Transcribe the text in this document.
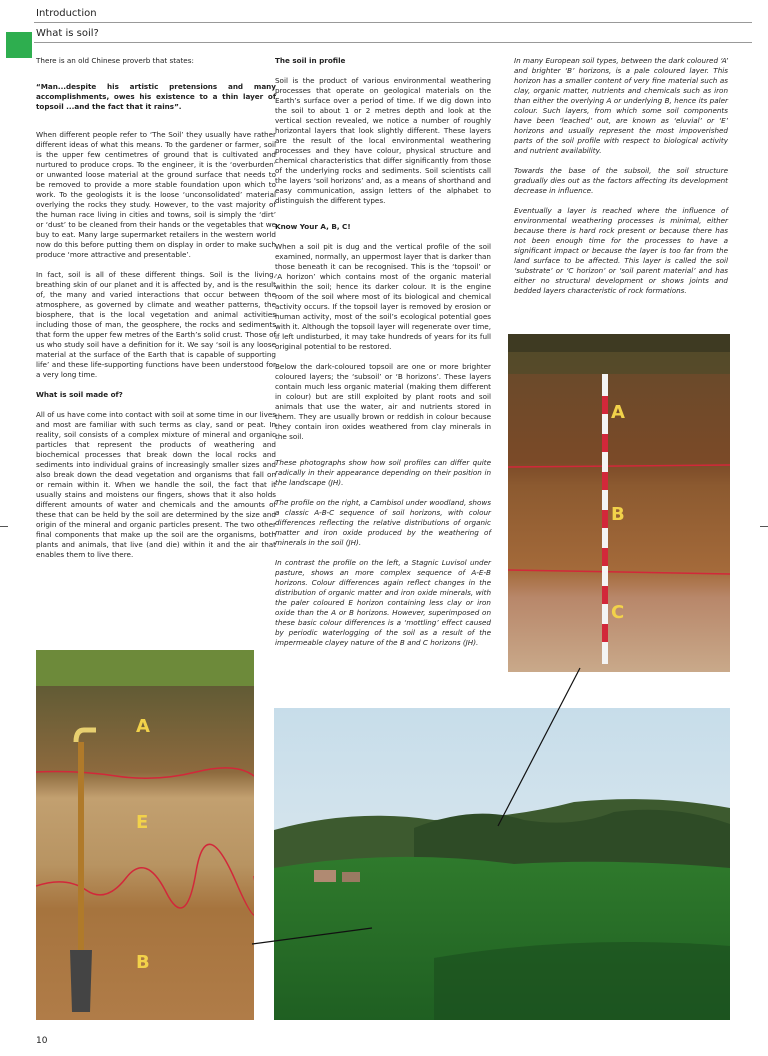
Introduction
What is soil?

There is an old Chinese proverb that states:

“Man...despite his artistic pretensions and many accomplishments, owes his existence to a thin layer of topsoil ...and the fact that it rains”.

When different people refer to ‘The Soil’ they usually have rather different ideas of what this means. To the gardener or farmer, soil is the upper few centimetres of ground that is cultivated and nurtured to produce crops. To the engineer, it is the ‘overburden’ or unwanted loose material at the ground surface that needs to be removed to provide a more stable foundation upon which to work. To the geologists it is the loose ‘unconsolidated’ material overlying the rocks they study. However, to the vast majority of the human race living in cities and towns, soil is simply the ‘dirt’ or ‘dust’ to be cleaned from their hands or the vegetables that we buy to eat. Many large supermarket retailers in the western world now do this before putting them on display in order to make such produce ‘more attractive and presentable’.

In fact, soil is all of these different things. Soil is the living, breathing skin of our planet and it is affected by, and is the result of, the many and varied interactions that occur between the atmosphere, as governed by climate and weather patterns, the biosphere, that is the local vegetation and animal activities including those of man, the geosphere, the rocks and sediments that form the upper few metres of the Earth’s solid crust. Those of us who study soil have a definition for it. We say ‘soil is any loose material at the surface of the Earth that is capable of supporting life’ and these life-supporting functions have been understood for a very long time.

What is soil made of?

All of us have come into contact with soil at some time in our lives and most are familiar with such terms as clay, sand or peat. In reality, soil consists of a complex mixture of mineral and organic particles that represent the products of weathering and biochemical processes that break down the local rocks and sediments into individual grains of increasingly smaller sizes and also break down the dead vegetation and organisms that fall on or remain within it. When we handle the soil, the fact that it usually stains and moistens our fingers, shows that it also holds different amounts of water and chemicals and the amounts of these that can be held by the soil are determined by the size and origin of the mineral and organic particles present. The two other final components that make up the soil are the organisms, both plants and animals, that live (and die) within it and the air that enables them to live there.

The soil in profile

Soil is the product of various environmental weathering processes that operate on geological materials on the Earth’s surface over a period of time. If we dig down into the soil to about 1 or 2 metres depth and look at the vertical section revealed, we notice a number of roughly horizontal layers that look slightly different. These layers are the result of the local environmental weathering processes and they have colour, physical structure and chemical characteristics that differ significantly from those of the underlying rocks and sediments. Soil scientists call the layers ‘soil horizons’ and, as a means of shorthand and easy communication, assign letters of the alphabet to distinguish the different types.

Know Your A, B, C!

When a soil pit is dug and the vertical profile of the soil examined, normally, an uppermost layer that is darker than those beneath it can be recognised. This is the ‘topsoil’ or ‘A horizon’ which contains most of the organic material within the soil; hence its darker colour. It is the engine room of the soil where most of its biological and chemical activity occurs. If the topsoil layer is removed by erosion or human activity, most of the soil’s ecological potential goes with it. Although the topsoil layer will regenerate over time, if left undisturbed, it may take hundreds of years for its full original potential to be restored.

Below the dark-coloured topsoil are one or more brighter coloured layers; the ‘subsoil’ or ‘B horizons’. These layers contain much less organic material (making them different in colour) but are still exploited by plant roots and soil animals that use the water, air and nutrients stored in them. They are usually brown or reddish in colour because they contain iron oxides weathered from clay minerals in the soil.

These photographs show how soil profiles can differ quite radically in their appearance depending on their position in the landscape (JH).

The profile on the right, a Cambisol under woodland, shows a classic A-B-C sequence of soil horizons, with colour differences reflecting the relative distributions of organic matter and iron oxide produced by the weathering of minerals in the soil (JH).

In contrast the profile on the left, a Stagnic Luvisol under pasture, shows an more complex sequence of A-E-B horizons. Colour differences again reflect changes in the distribution of organic matter and iron oxide minerals, with the paler coloured E horizon containing less clay or iron oxide than the A or B horizons. However, superimposed on these basic colour differences is a ‘mottling’ effect caused by periodic waterlogging of the soil as a result of the impermeable clayey nature of the B and C horizons (JH).

In many European soil types, between the dark coloured ‘A’ and brighter ‘B’ horizons, is a pale coloured layer. This horizon has a smaller content of very fine material such as clay, organic matter, nutrients and chemicals such as iron than either the overlying A or underlying B, hence its paler colour. Such layers, from which some soil components have been ‘leached’ out, are known as ‘eluvial’ or ‘E’ horizons and usually represent the most impoverished parts of the soil profile with respect to biological activity and nutrient availability.

Towards the base of the subsoil, the soil structure gradually dies out as the factors affecting its development decrease in influence.

Eventually a layer is reached where the influence of environmental weathering processes is minimal, either because there is hard rock present or because there has not been enough time for the processes to have a significant impact or because the layer is too far from the land surface to be affected. This layer is called the soil ‘substrate’ or ‘C horizon’ or ‘soil parent material’ and has either no structural development or shows joints and bedded layers characteristic of rock formations.

A
B
C
A
E
B
10
